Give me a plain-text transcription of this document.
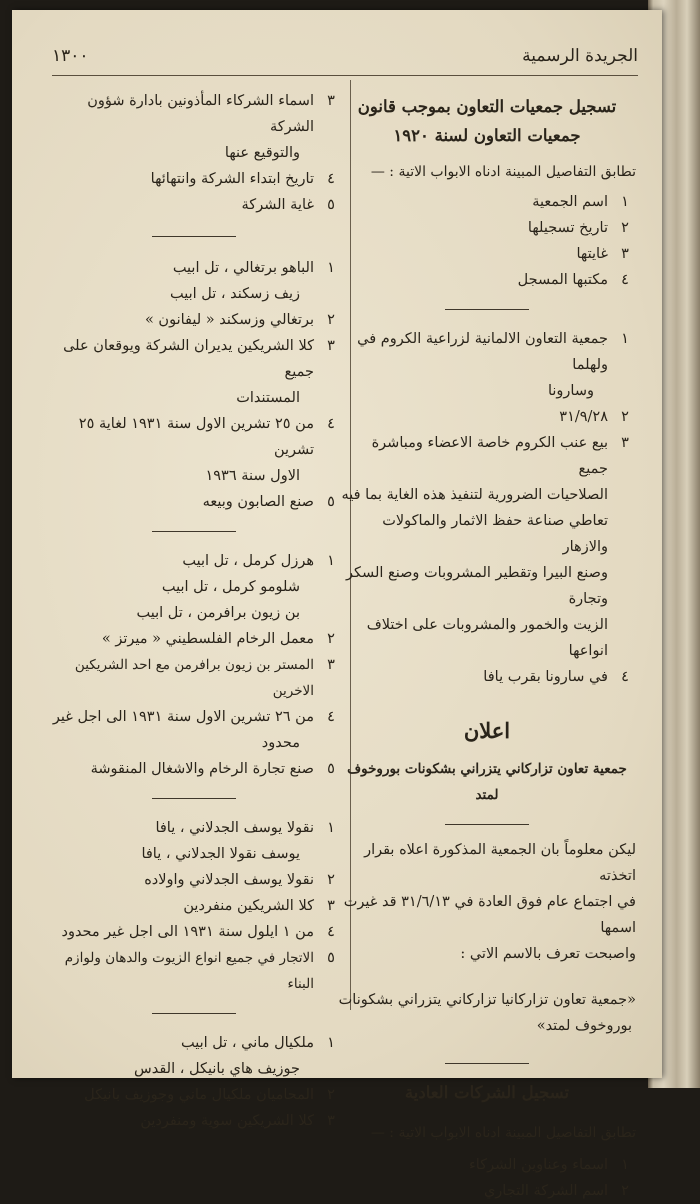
الجريدة الرسمية
١٣٠٠
تسجيل جمعيات التعاون بموجب قانون
جمعيات التعاون لسنة ١٩٢٠
تطابق التفاصيل المبينة ادناه الابواب الاتية : —
١
اسم الجمعية
٢
تاريخ تسجيلها
٣
غايتها
٤
مكتبها المسجل
١
جمعية التعاون الالمانية لزراعية الكروم في ولهلما
وسارونا
٢
٣١/٩/٢٨
٣
بيع عنب الكروم خاصة الاعضاء ومباشرة جميع
الصلاحيات الضرورية لتنفيذ هذه الغاية بما فيه
تعاطي صناعة حفظ الاثمار والماكولات والازهار
وصنع البيرا وتقطير المشروبات وصنع السكر وتجارة
الزيت والخمور والمشروبات على اختلاف انواعها
٤
في سارونا بقرب يافا
اعلان
جمعية تعاون تزاركاني يتزراني بشكونات بوروخوف لمتد
ليكن معلوماً بان الجمعية المذكورة اعلاه بقرار اتخذته
في اجتماع عام فوق العادة في ٣١/٦/١٣ قد غيرت اسمها
واصبحت تعرف بالاسم الاتي :
«جمعية تعاون تزاركانيا تزاركاني يتزراني بشكونات
بوروخوف لمتد»
تسجيل الشركات العادية
تطابق التفاصيل المبينة ادناه الابواب الاتية : —
١
اسماء وعناوين الشركاء
٢
اسم الشركة التجاري
٣
اسماء الشركاء المأذونين بادارة شؤون الشركة
والتوقيع عنها
٤
تاريخ ابتداء الشركة وانتهائها
٥
غاية الشركة
١
الباهو برتغالي ، تل ابيب
زيف زسكند ، تل ابيب
٢
برتغالي وزسكند « ليفانون »
٣
كلا الشريكين يديران الشركة ويوقعان على جميع
المستندات
٤
من ٢٥ تشرين الاول سنة ١٩٣١ لغاية ٢٥ تشرين
الاول سنة ١٩٣٦
٥
صنع الصابون وبيعه
١
هرزل كرمل ، تل ابيب
شلومو كرمل ، تل ابيب
بن زيون برافرمن ، تل ابيب
٢
معمل الرخام الفلسطيني « ميرتز »
٣
المستر بن زيون برافرمن مع احد الشريكين الاخرين
٤
من ٢٦ تشرين الاول سنة ١٩٣١ الى اجل غير
محدود
٥
صنع تجارة الرخام والاشغال المنقوشة
١
نقولا يوسف الجدلاني ، يافا
يوسف نقولا الجدلاني ، يافا
٢
نقولا يوسف الجدلاني واولاده
٣
كلا الشريكين منفردين
٤
من ١ ايلول سنة ١٩٣١ الى اجل غير محدود
٥
الاتجار في جميع انواع الزيوت والدهان ولوازم البناء
١
ملكيال ماني ، تل ابيب
جوزيف هاي بانيكل ، القدس
٢
المحاميان ملكيال ماني وجوزيف بانيكل
٣
كلا الشريكين سوية ومنفردين
